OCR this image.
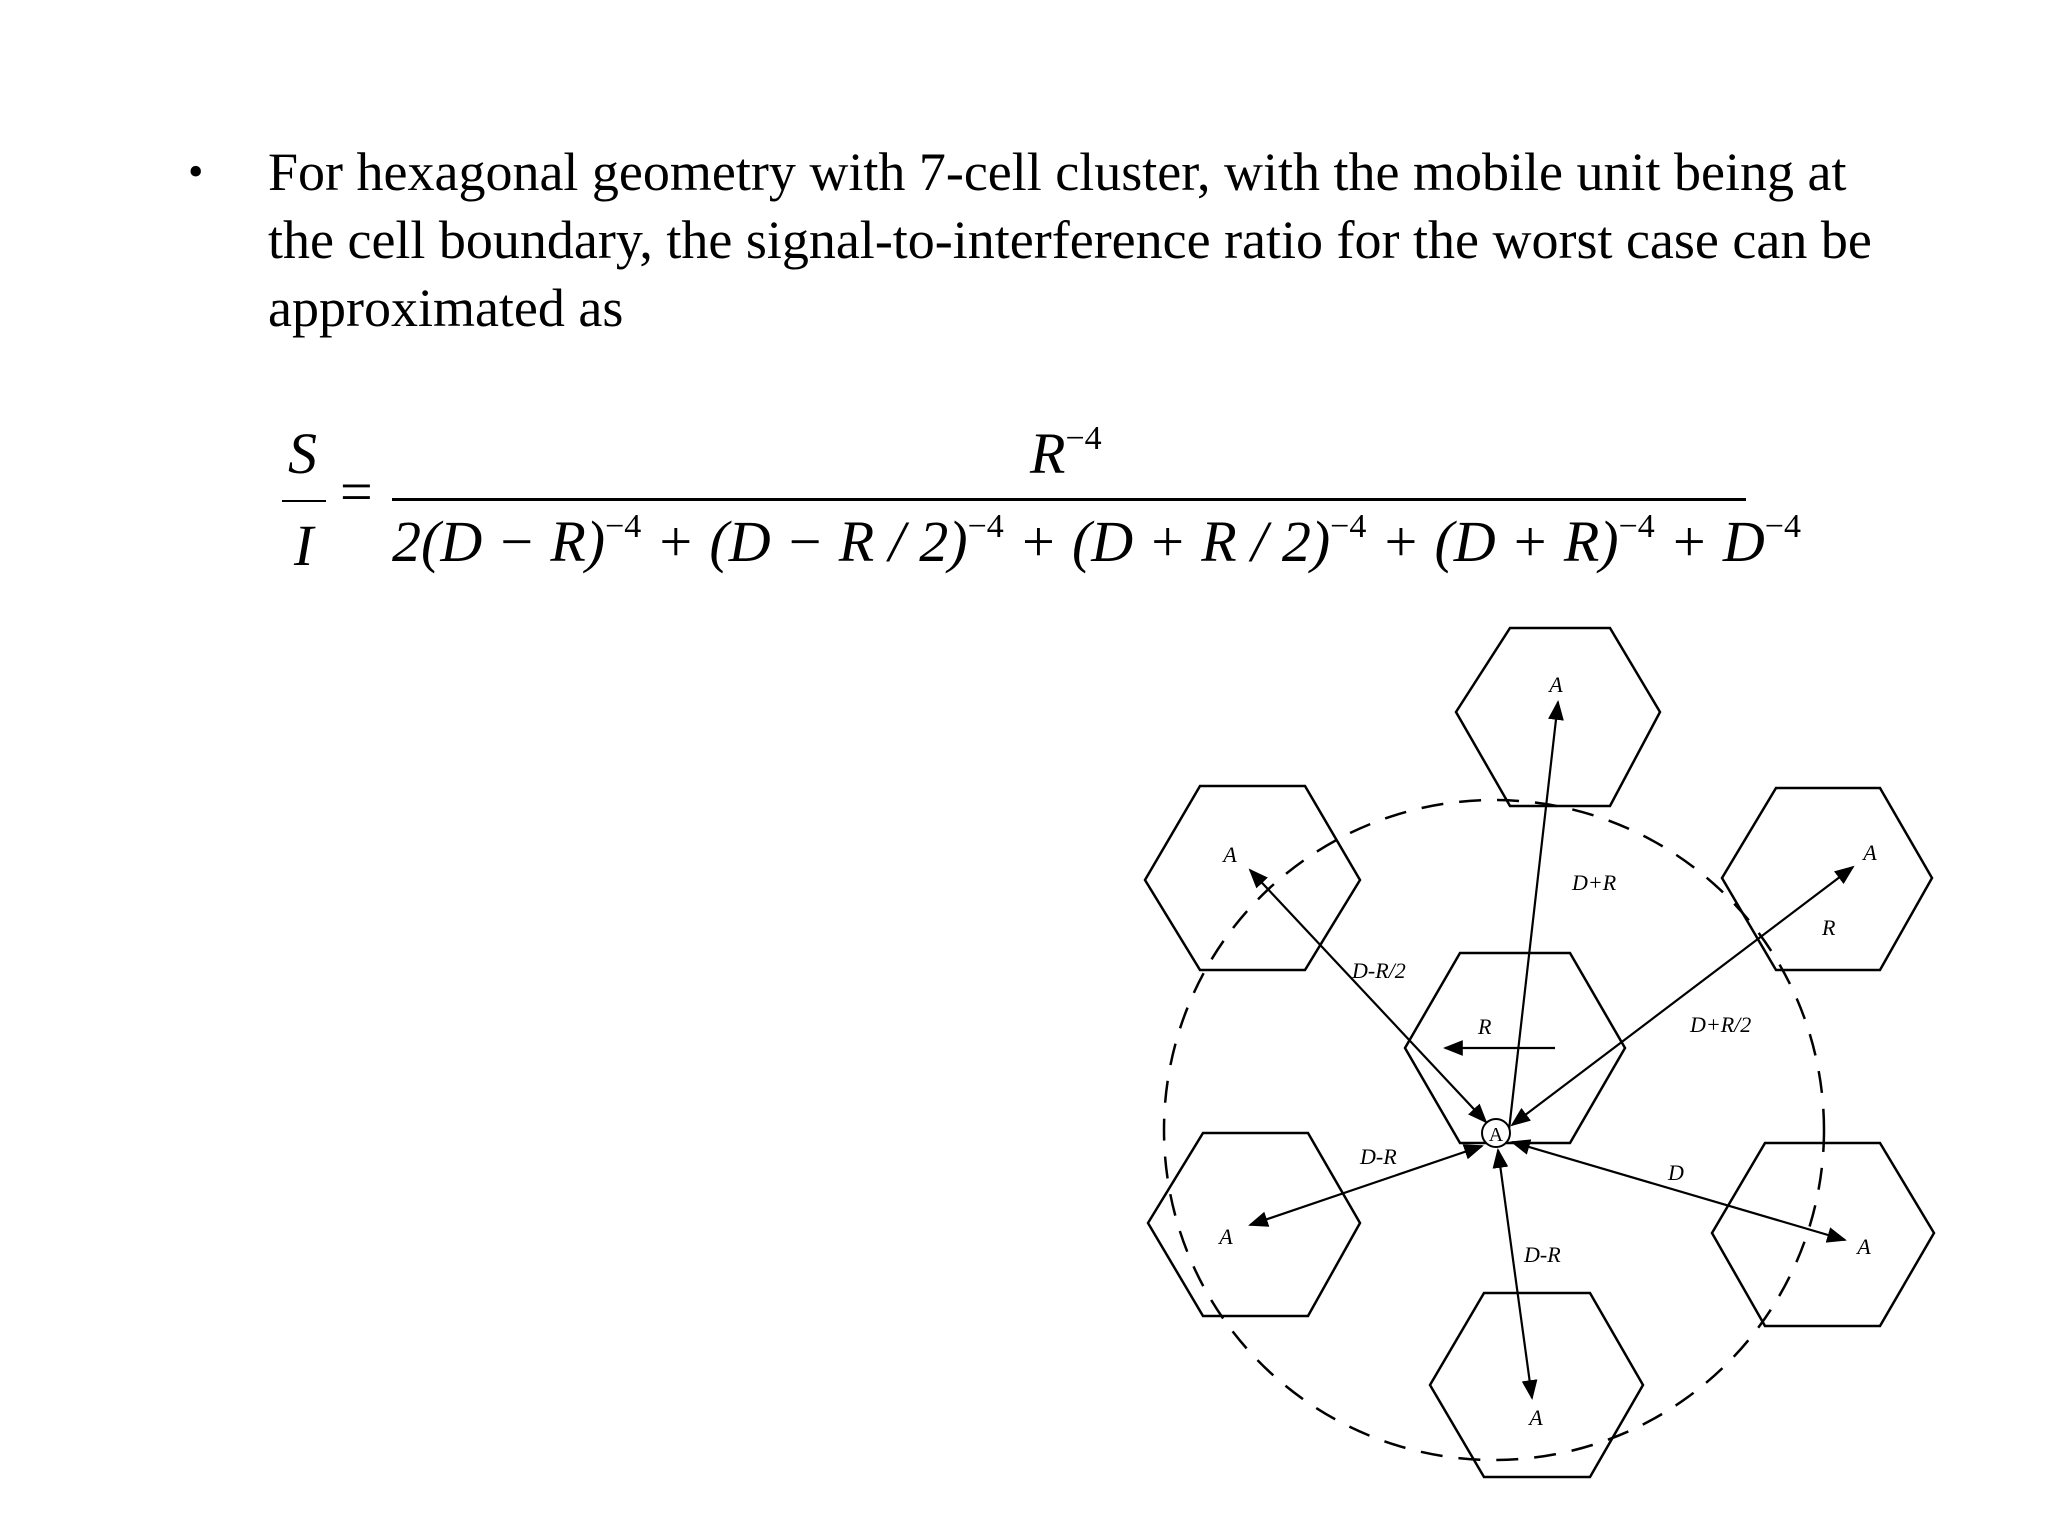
• For hexagonal geometry with 7-cell cluster, with the mobile unit being at the cell boundary, the signal-to-interference ratio for the worst case can be approximated as
S
I
=
$R^{-4}$
$2(D - R)^{-4} + (D - R / 2)^{-4} + (D + R / 2)^{-4} + (D + R)^{-4} + D^{-4}$
A
A
A	A
A	A
A
D+R
D-R/2
D+R/2
D-R
D-R
D
R
R
